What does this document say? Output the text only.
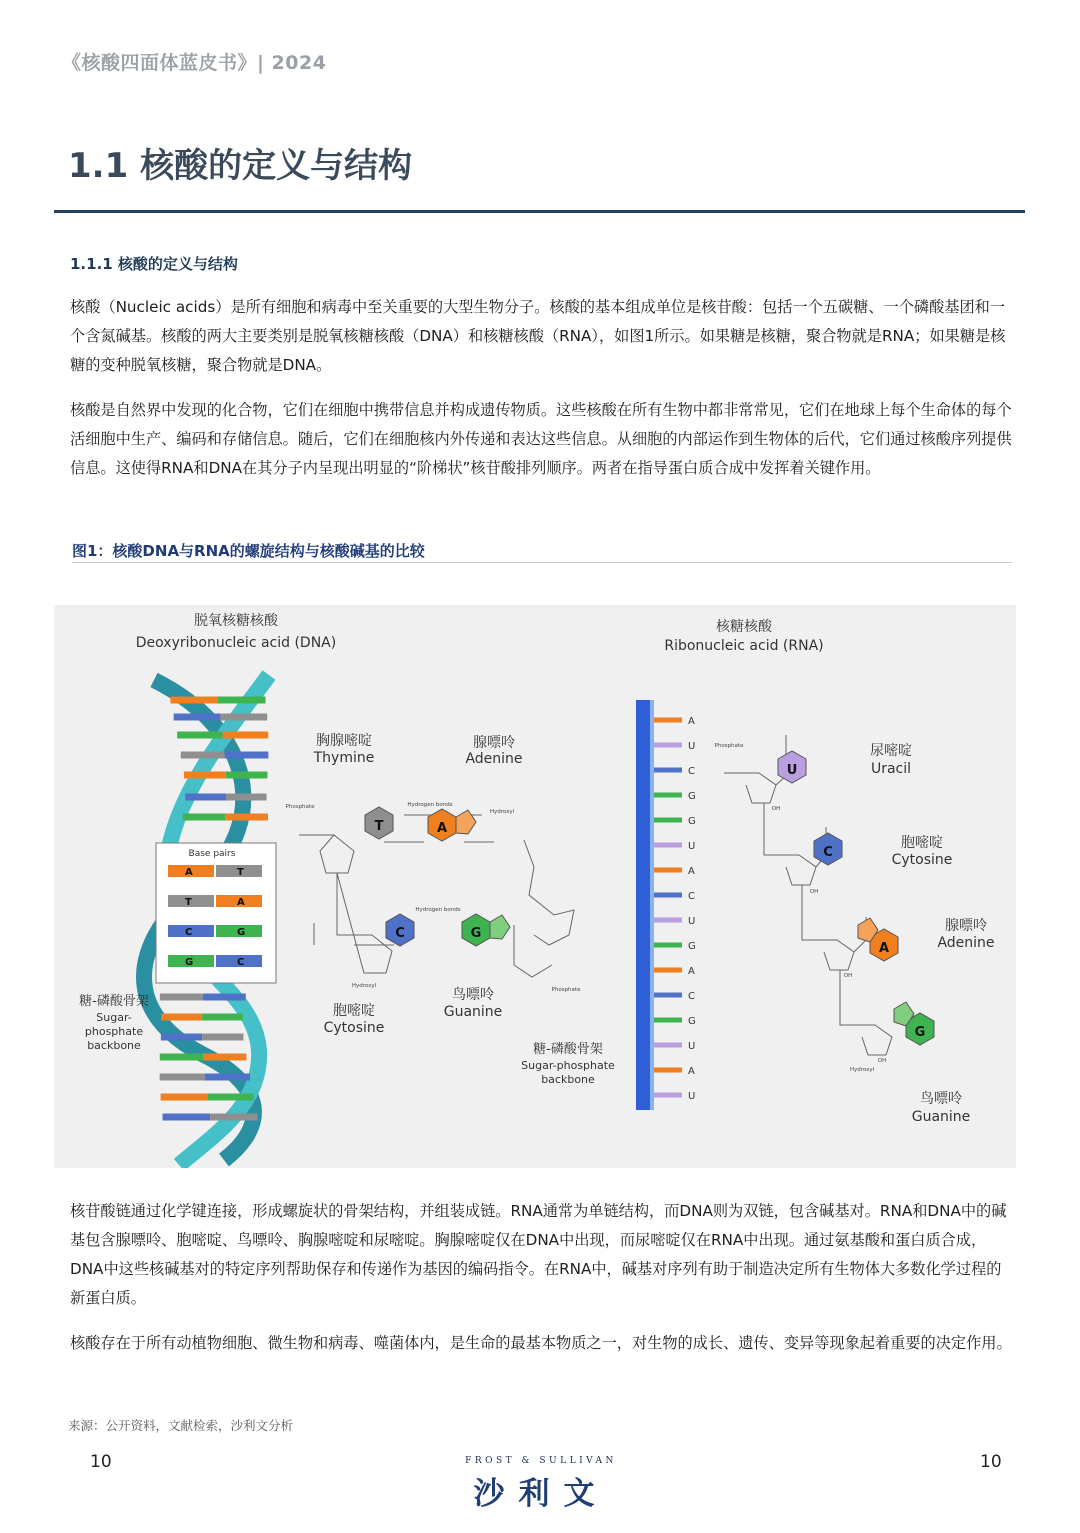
《核酸四面体蓝皮书》| 2024
1.1 核酸的定义与结构
1.1.1 核酸的定义与结构

核酸（Nucleic acids）是所有细胞和病毒中至关重要的大型生物分子。核酸的基本组成单位是核苷酸：包括一个五碳糖、一个磷酸基团和一个含氮碱基。核酸的两大主要类别是脱氧核糖核酸（DNA）和核糖核酸（RNA），如图1所示。如果糖是核糖，聚合物就是RNA；如果糖是核糖的变种脱氧核糖，聚合物就是DNA。

核酸是自然界中发现的化合物，它们在细胞中携带信息并构成遗传物质。这些核酸在所有生物中都非常常见，它们在地球上每个生命体的每个活细胞中生产、编码和存储信息。随后，它们在细胞核内外传递和表达这些信息。从细胞的内部运作到生物体的后代，它们通过核酸序列提供信息。这使得RNA和DNA在其分子内呈现出明显的“阶梯状”核苷酸排列顺序。两者在指导蛋白质合成中发挥着关键作用。

图1：核酸DNA与RNA的螺旋结构与核酸碱基的比较
脱氧核糖核酸
Deoxyribonucleic acid (DNA)
Base pairs
A	T
T	A
C	G
G	C
糖-磷酸骨架
Sugar-
phosphate
backbone
胸腺嘧啶
Thymine
腺嘌呤
Adenine
T	A
C	G
Hydrogen bonds
Hydrogen bonds
Phosphate
Hydroxyl
Hydroxyl
Phosphate
胞嘧啶
Cytosine
鸟嘌呤
Guanine
核糖核酸
Ribonucleic acid (RNA)
A
U
C
G
G
U
A
C
U
G
A
C
G
U
A
U
糖-磷酸骨架
Sugar-phosphate
backbone
U
C
A
G
Phosphate
Hydroxyl
OH
OH
OH
OH
尿嘧啶
Uracil
胞嘧啶
Cytosine
腺嘌呤
Adenine
鸟嘌呤
Guanine

核苷酸链通过化学键连接，形成螺旋状的骨架结构，并组装成链。RNA通常为单链结构，而DNA则为双链，包含碱基对。RNA和DNA中的碱基包含腺嘌呤、胞嘧啶、鸟嘌呤、胸腺嘧啶和尿嘧啶。胸腺嘧啶仅在DNA中出现，而尿嘧啶仅在RNA中出现。通过氨基酸和蛋白质合成，DNA中这些核碱基对的特定序列帮助保存和传递作为基因的编码指令。在RNA中，碱基对序列有助于制造决定所有生物体大多数化学过程的新蛋白质。

核酸存在于所有动植物细胞、微生物和病毒、噬菌体内，是生命的最基本物质之一，对生物的成长、遗传、变异等现象起着重要的决定作用。

来源：公开资料，文献检索，沙利文分析
10	10
FROST & SULLIVAN
沙利文
